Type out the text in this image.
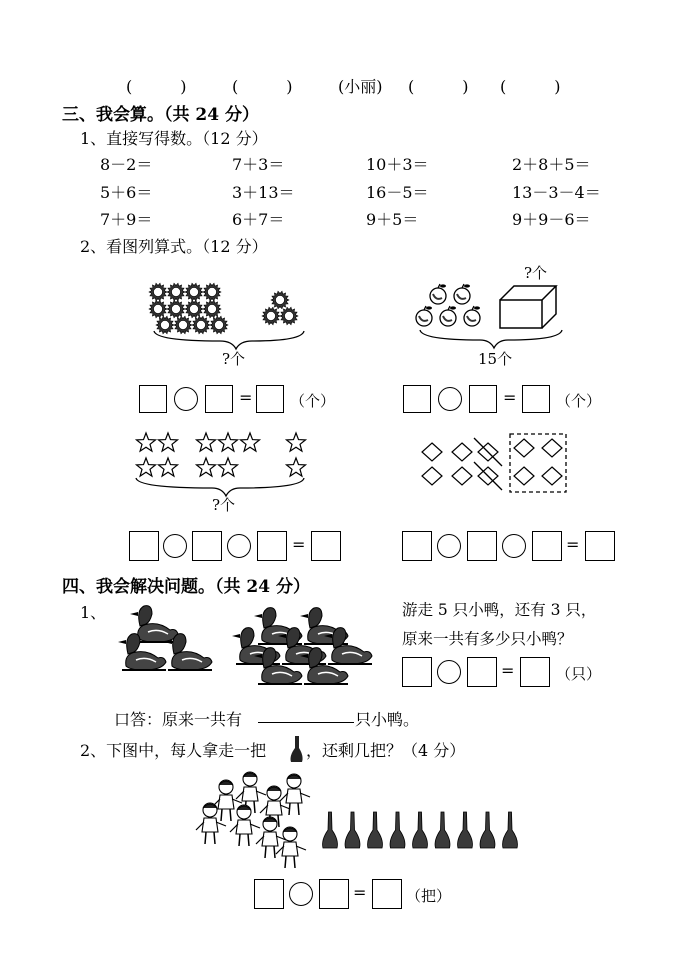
(　　　)	(　　　)	(小丽) (　　　) (　　　)
三、我会算。（共 24 分）
1、直接写得数。（12 分）
8－2＝	7＋3＝	10＋3＝	2＋8＋5＝
5＋6＝	3＋13＝	16－5＝	13－3－4＝
7＋9＝	6＋7＝	9＋5＝	9＋9－6＝
2、看图列算式。（12 分）
?个
?个
15个
=	（个）	=	（个）
?个
=	=
四、我会解决问题。（共 24 分）
1、	游走 5 只小鸭，还有 3 只，
原来一共有多少只小鸭？
=	（只）
口答：原来一共有	只小鸭。
2、下图中，每人拿走一把 ，还剩几把？（4 分）
=	（把）
